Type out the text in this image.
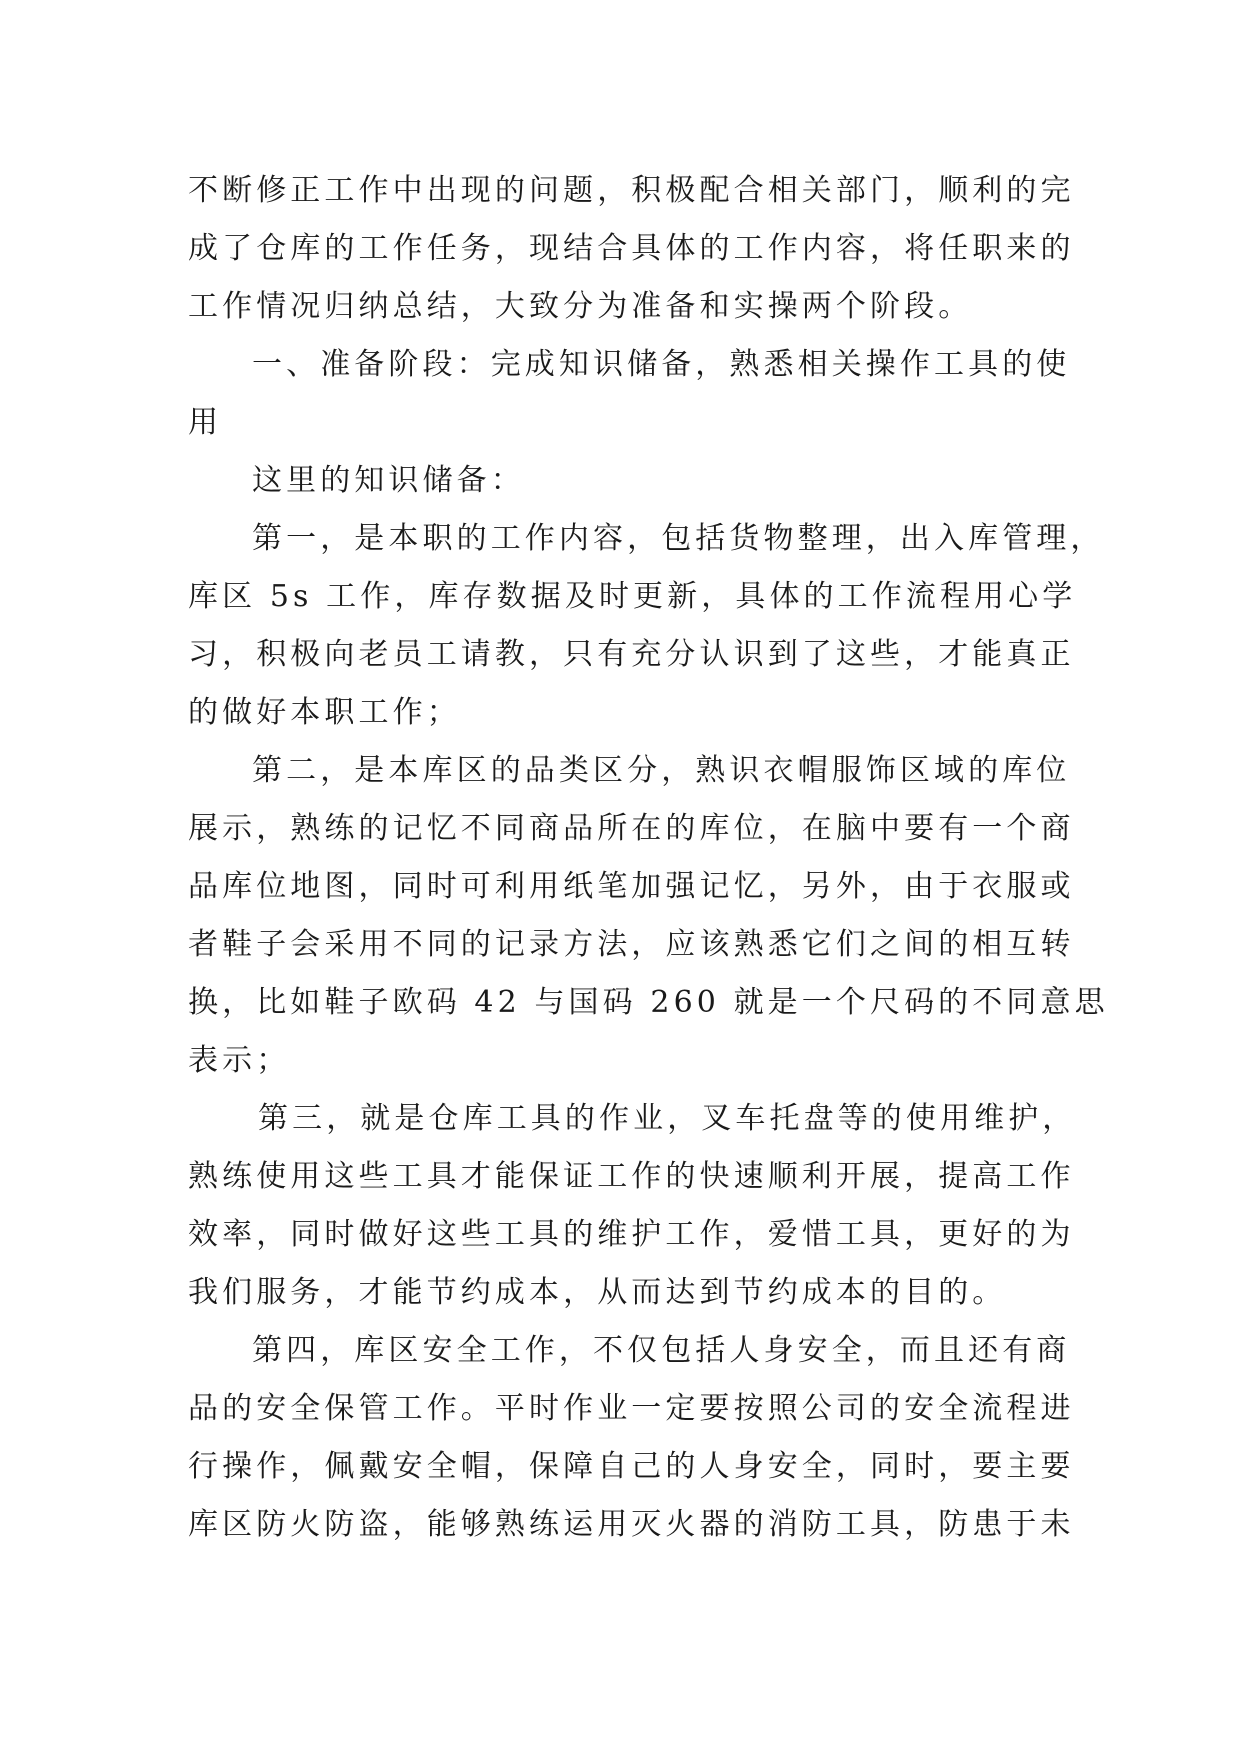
不断修正工作中出现的问题，积极配合相关部门，顺利的完
成了仓库的工作任务，现结合具体的工作内容，将任职来的
工作情况归纳总结，大致分为准备和实操两个阶段。
一、准备阶段：完成知识储备，熟悉相关操作工具的使
用
这里的知识储备：
第一，是本职的工作内容，包括货物整理，出入库管理，
库区 5s 工作，库存数据及时更新，具体的工作流程用心学
习，积极向老员工请教，只有充分认识到了这些，才能真正
的做好本职工作；
第二，是本库区的品类区分，熟识衣帽服饰区域的库位
展示，熟练的记忆不同商品所在的库位，在脑中要有一个商
品库位地图，同时可利用纸笔加强记忆，另外，由于衣服或
者鞋子会采用不同的记录方法，应该熟悉它们之间的相互转
换，比如鞋子欧码 42 与国码 260 就是一个尺码的不同意思
表示；
第三，就是仓库工具的作业，叉车托盘等的使用维护，
熟练使用这些工具才能保证工作的快速顺利开展，提高工作
效率，同时做好这些工具的维护工作，爱惜工具，更好的为
我们服务，才能节约成本，从而达到节约成本的目的。
第四，库区安全工作，不仅包括人身安全，而且还有商
品的安全保管工作。平时作业一定要按照公司的安全流程进
行操作，佩戴安全帽，保障自己的人身安全，同时，要主要
库区防火防盗，能够熟练运用灭火器的消防工具，防患于未
